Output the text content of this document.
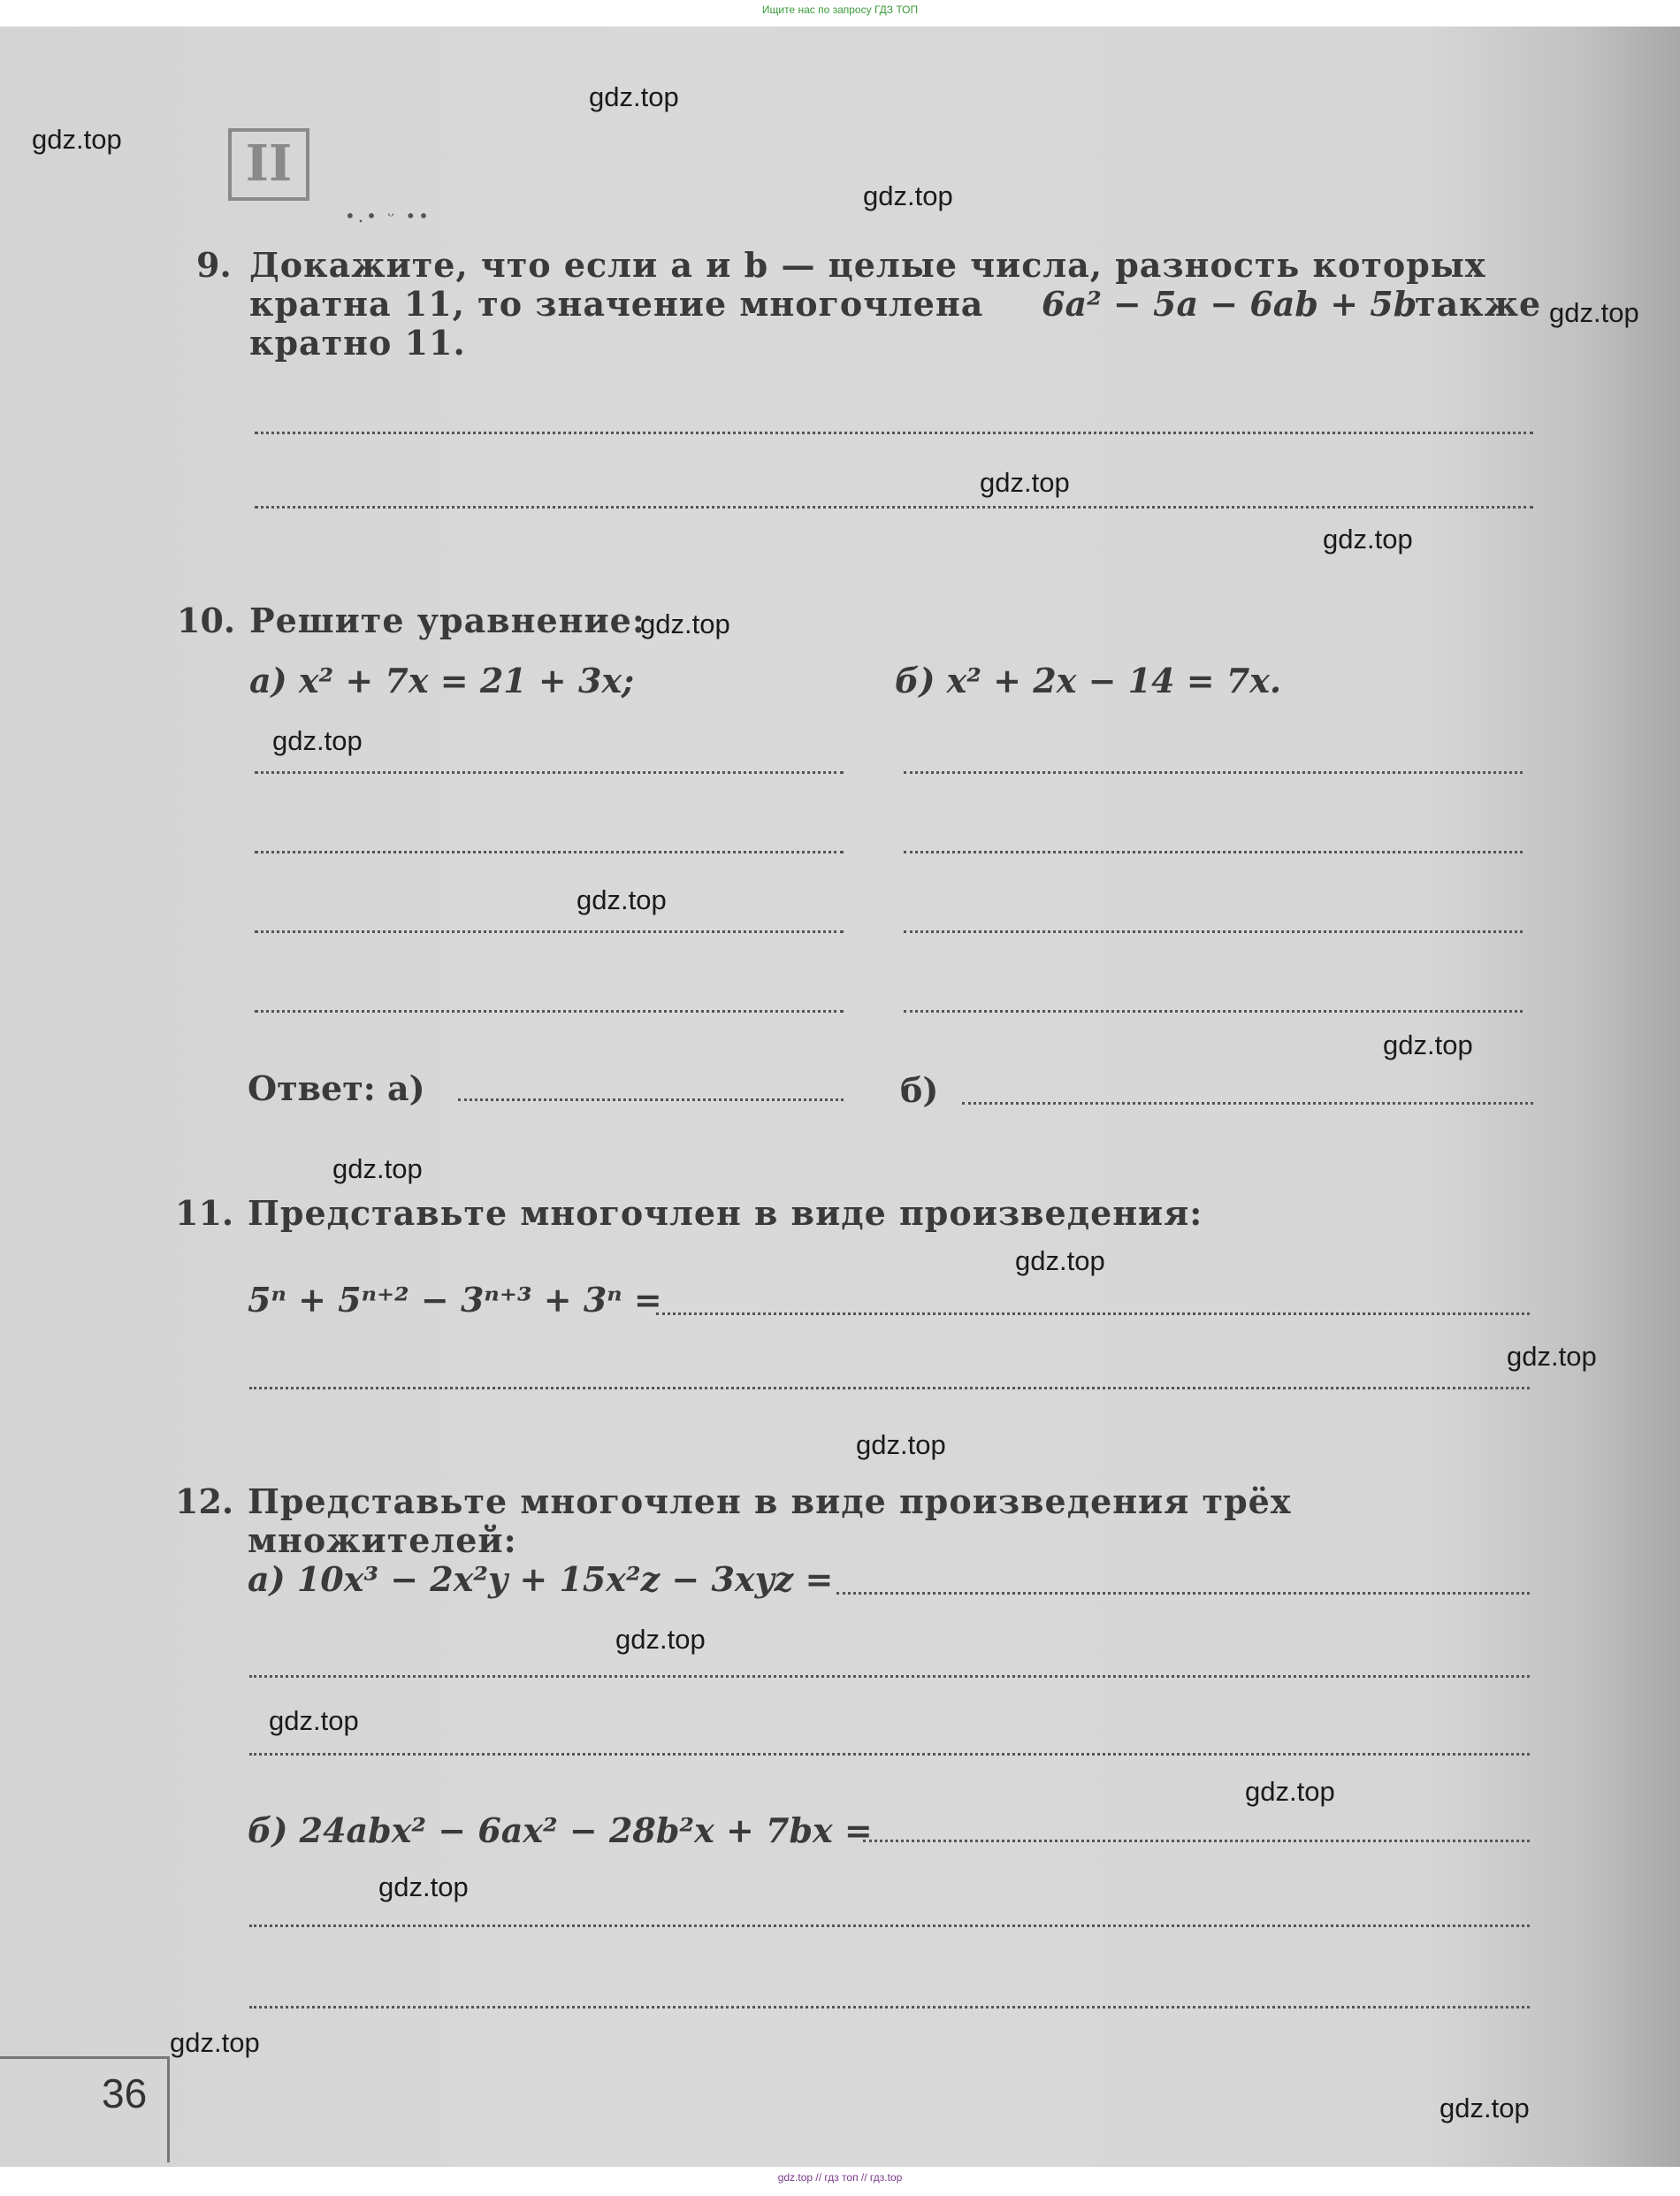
Ищите нас по запросу ГДЗ ТОП
II
•.• ᵕ ••
9. Докажите, что если a и b — целые числа, разность которых
кратна 11, то значение многочлена 6a² − 5a − 6ab + 5b
также
кратно 11.
10. Решите уравнение:
а) x² + 7x = 21 + 3x;	б) x² + 2x − 14 = 7x.
Ответ: а)	б)
11. Представьте многочлен в виде произведения:
5ⁿ + 5ⁿ⁺² − 3ⁿ⁺³ + 3ⁿ =
12. Представьте многочлен в виде произведения трёх множителей:
а) 10x³ − 2x²y + 15x²z − 3xyz =
б) 24abx² − 6ax² − 28b²x + 7bx =
36
gdz.top
gdz.top
gdz.top
gdz.top
gdz.top
gdz.top
gdz.top
gdz.top
gdz.top
gdz.top
gdz.top
gdz.top
gdz.top
gdz.top
gdz.top
gdz.top
gdz.top
gdz.top
gdz.top
gdz.top
gdz.top // гдз топ // гдз.top
